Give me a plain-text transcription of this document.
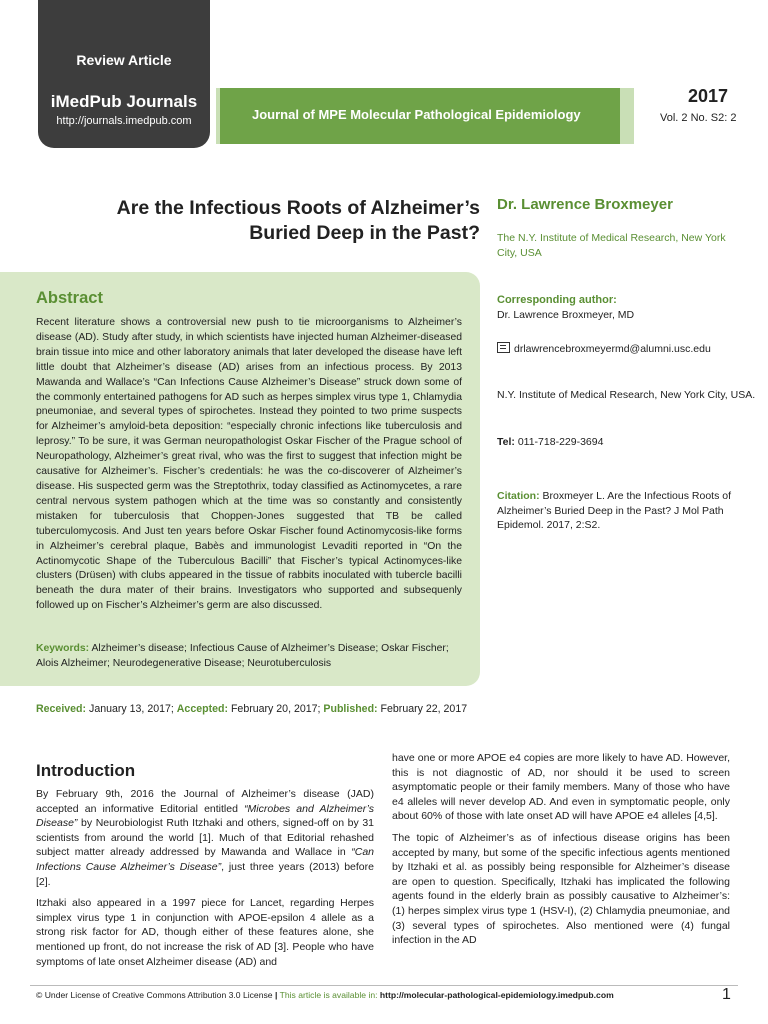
Review Article
iMedPub Journals
http://journals.imedpub.com	Journal of MPE Molecular Pathological Epidemiology
2017
Vol. 2 No. S2: 2
Are the Infectious Roots of Alzheimer’s
Buried Deep in the Past?
Dr. Lawrence Broxmeyer
The N.Y. Institute of Medical Research, New York City, USA
Corresponding author:
Dr. Lawrence Broxmeyer, MD
drlawrencebroxmeyermd@alumni.usc.edu
N.Y. Institute of Medical Research, New York City, USA.
Tel: 011-718-229-3694
Citation: Broxmeyer L. Are the Infectious Roots of Alzheimer’s Buried Deep in the Past? J Mol Path Epidemol. 2017, 2:S2.
Abstract
Recent literature shows a controversial new push to tie microorganisms to Alzheimer’s disease (AD). Study after study, in which scientists have injected human Alzheimer-diseased brain tissue into mice and other laboratory animals that later developed the disease have left little doubt that Alzheimer’s disease (AD) arises from an infectious process. By 2013 Mawanda and Wallace’s “Can Infections Cause Alzheimer’s Disease” struck down some of the commonly entertained pathogens for AD such as herpes simplex virus type 1, Chlamydia pneumoniae, and several types of spirochetes. Instead they pointed to two prime suspects for Alzheimer’s amyloid-beta deposition: “especially chronic infections like tuberculosis and leprosy.” To be sure, it was German neuropathologist Oskar Fischer of the Prague school of Neuropathology, Alzheimer’s great rival, who was the first to suggest that infection might be causative for Alzheimer’s. Fischer’s credentials: he was the co-discoverer of Alzheimer’s disease. His suspected germ was the Streptothrix, today classified as Actinomycetes, a rare central nervous system pathogen which at the time was so constantly and consistently mistaken for tuberculosis that Choppen-Jones suggested that TB be called tuberculomycosis. And Just ten years before Oskar Fischer found Actinomycosis-like forms in Alzheimer’s cerebral plaque, Babès and immunologist Levaditi reported in “On the Actinomycotic Shape of the Tuberculous Bacilli” that Fischer’s typical Actinomyces-like clusters (Drüsen) with clubs appeared in the tissue of rabbits inoculated with tubercle bacilli beneath the dura mater of their brains. Investigators who supported and subsequenly followed up on Fischer’s Alzheimer’s germ are also discussed.
Keywords: Alzheimer’s disease; Infectious Cause of Alzheimer’s Disease; Oskar Fischer; Alois Alzheimer; Neurodegenerative Disease; Neurotuberculosis
Received: January 13, 2017; Accepted: February 20, 2017; Published: February 22, 2017
Introduction

By February 9th, 2016 the Journal of Alzheimer’s disease (JAD) accepted an informative Editorial entitled “Microbes and Alzheimer’s Disease” by Neurobiologist Ruth Itzhaki and others, signed-off on by 31 scientists from around the world [1]. Much of that Editorial rehashed subject matter already addressed by Mawanda and Wallace in “Can Infections Cause Alzheimer’s Disease”, just three years (2013) before [2].

Itzhaki also appeared in a 1997 piece for Lancet, regarding Herpes simplex virus type 1 in conjunction with APOE-epsilon 4 allele as a strong risk factor for AD, though either of these features alone, she mentioned up front, do not increase the risk of AD [3]. People who have symptoms of late onset Alzheimer disease (AD) and

have one or more APOE e4 copies are more likely to have AD. However, this is not diagnostic of AD, nor should it be used to screen asymptomatic people or their family members. Many of those who have e4 alleles will never develop AD. And even in symptomatic people, only about 60% of those with late onset AD will have APOE e4 alleles [4,5].

The topic of Alzheimer’s as of infectious disease origins has been accepted by many, but some of the specific infectious agents mentioned by Itzhaki et al. as possibly being responsible for Alzheimer’s disease are open to question. Specifically, Itzhaki has implicated the following agents found in the elderly brain as possibly causative to Alzheimer’s: (1) herpes simplex virus type 1 (HSV-I), (2) Chlamydia pneumoniae, and (3) several types of spirochetes. Also mentioned were (4) fungal infection in the AD

© Under License of Creative Commons Attribution 3.0 License | This article is available in: http://molecular-pathological-epidemiology.imedpub.com	1
